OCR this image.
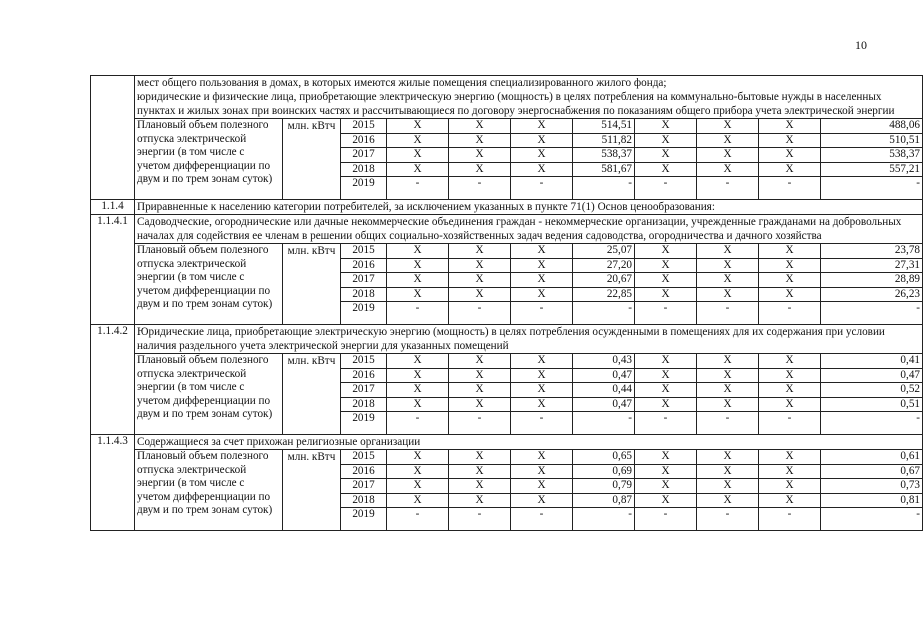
10

	мест общего пользования в домах, в которых имеются жилые помещения специализированного жилого фонда;
юридические и физические лица, приобретающие электрическую энергию (мощность) в целях потребления на коммунально-бытовые нужды в населенных пунктах и жилых зонах при воинских частях и рассчитывающиеся по договору энергоснабжения по показаниям общего прибора учета электрической энергии										

	Плановый объем полезного отпуска электрической энергии (в том числе с учетом дифференциации по двум и по трем зонам суток)	млн. кВтч	2015	X	X	X	514,51	X	X	X	488,06
			2016	X	X	X	511,82	X	X	X	510,51
			2017	X	X	X	538,37	X	X	X	538,37
			2018	X	X	X	581,67	X	X	X	557,21
			2019	-	-	-	-	-	-	-	-
1.1.4	Приравненные к населению категории потребителей, за исключением указанных в пункте 71(1) Основ ценообразования:										
1.1.4.1	Садоводческие, огороднические или дачные некоммерческие объединения граждан - некоммерческие организации, учрежденные гражданами на добровольных началах для содействия ее членам в решении общих социально-хозяйственных задач ведения садоводства, огородничества и дачного хозяйства										

	Плановый объем полезного отпуска электрической энергии (в том числе с учетом дифференциации по двум и по трем зонам суток)	млн. кВтч	2015	X	X	X	25,07	X	X	X	23,78
			2016	X	X	X	27,20	X	X	X	27,31
			2017	X	X	X	20,67	X	X	X	28,89
			2018	X	X	X	22,85	X	X	X	26,23
			2019	-	-	-	-	-	-	-	-
1.1.4.2	Юридические лица, приобретающие электрическую энергию (мощность) в целях потребления осужденными в помещениях для их содержания при условии наличия раздельного учета электрической энергии для указанных помещений										

	Плановый объем полезного отпуска электрической энергии (в том числе с учетом дифференциации по двум и по трем зонам суток)	млн. кВтч	2015	X	X	X	0,43	X	X	X	0,41
			2016	X	X	X	0,47	X	X	X	0,47
			2017	X	X	X	0,44	X	X	X	0,52
			2018	X	X	X	0,47	X	X	X	0,51
			2019	-	-	-	-	-	-	-	-
1.1.4.3	Содержащиеся за счет прихожан религиозные организации										

	Плановый объем полезного отпуска электрической энергии (в том числе с учетом дифференциации по двум и по трем зонам суток)	млн. кВтч	2015	X	X	X	0,65	X	X	X	0,61
			2016	X	X	X	0,69	X	X	X	0,67
			2017	X	X	X	0,79	X	X	X	0,73
			2018	X	X	X	0,87	X	X	X	0,81
			2019	-	-	-	-	-	-	-	-
